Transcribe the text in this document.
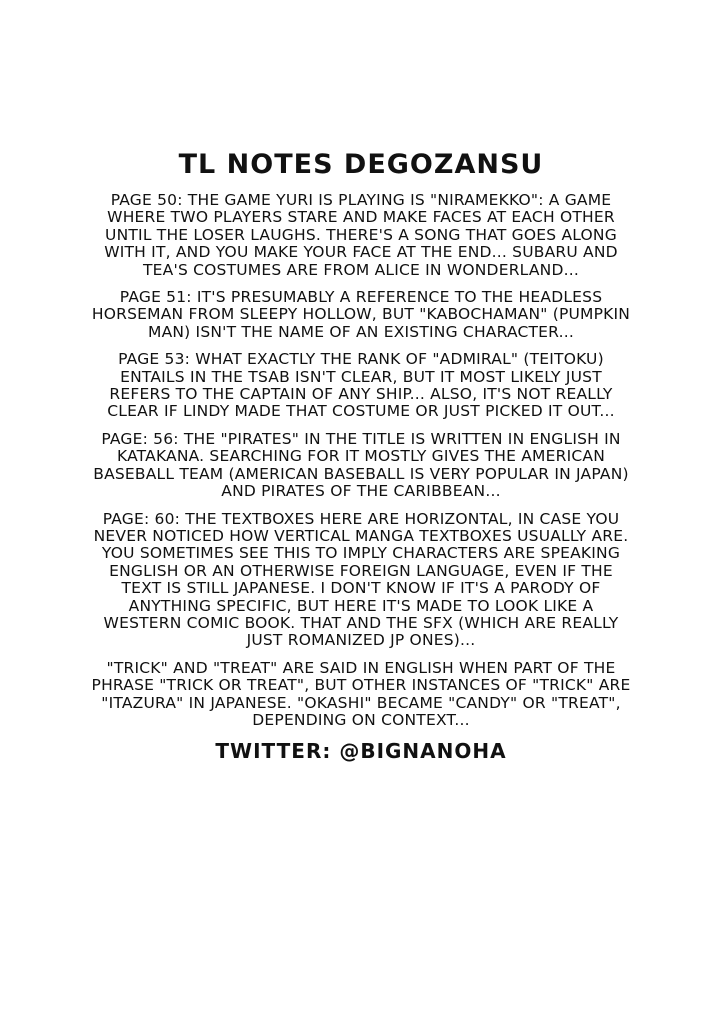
TL NOTES DEGOZANSU

PAGE 50: THE GAME YURI IS PLAYING IS "NIRAMEKKO": A GAME WHERE TWO PLAYERS STARE AND MAKE FACES AT EACH OTHER UNTIL THE LOSER LAUGHS. THERE'S A SONG THAT GOES ALONG WITH IT, AND YOU MAKE YOUR FACE AT THE END... SUBARU AND TEA'S COSTUMES ARE FROM ALICE IN WONDERLAND...

PAGE 51: IT'S PRESUMABLY A REFERENCE TO THE HEADLESS HORSEMAN FROM SLEEPY HOLLOW, BUT "KABOCHAMAN" (PUMPKIN MAN) ISN'T THE NAME OF AN EXISTING CHARACTER...

PAGE 53: WHAT EXACTLY THE RANK OF "ADMIRAL" (TEITOKU) ENTAILS IN THE TSAB ISN'T CLEAR, BUT IT MOST LIKELY JUST REFERS TO THE CAPTAIN OF ANY SHIP... ALSO, IT'S NOT REALLY CLEAR IF LINDY MADE THAT COSTUME OR JUST PICKED IT OUT...

PAGE: 56: THE "PIRATES" IN THE TITLE IS WRITTEN IN ENGLISH IN KATAKANA. SEARCHING FOR IT MOSTLY GIVES THE AMERICAN BASEBALL TEAM (AMERICAN BASEBALL IS VERY POPULAR IN JAPAN) AND PIRATES OF THE CARIBBEAN...

PAGE: 60: THE TEXTBOXES HERE ARE HORIZONTAL, IN CASE YOU NEVER NOTICED HOW VERTICAL MANGA TEXTBOXES USUALLY ARE. YOU SOMETIMES SEE THIS TO IMPLY CHARACTERS ARE SPEAKING ENGLISH OR AN OTHERWISE FOREIGN LANGUAGE, EVEN IF THE TEXT IS STILL JAPANESE. I DON'T KNOW IF IT'S A PARODY OF ANYTHING SPECIFIC, BUT HERE IT'S MADE TO LOOK LIKE A WESTERN COMIC BOOK. THAT AND THE SFX (WHICH ARE REALLY JUST ROMANIZED JP ONES)...

"TRICK" AND "TREAT" ARE SAID IN ENGLISH WHEN PART OF THE PHRASE "TRICK OR TREAT", BUT OTHER INSTANCES OF "TRICK" ARE "ITAZURA" IN JAPANESE. "OKASHI" BECAME "CANDY" OR "TREAT", DEPENDING ON CONTEXT...

TWITTER: @BIGNANOHA
